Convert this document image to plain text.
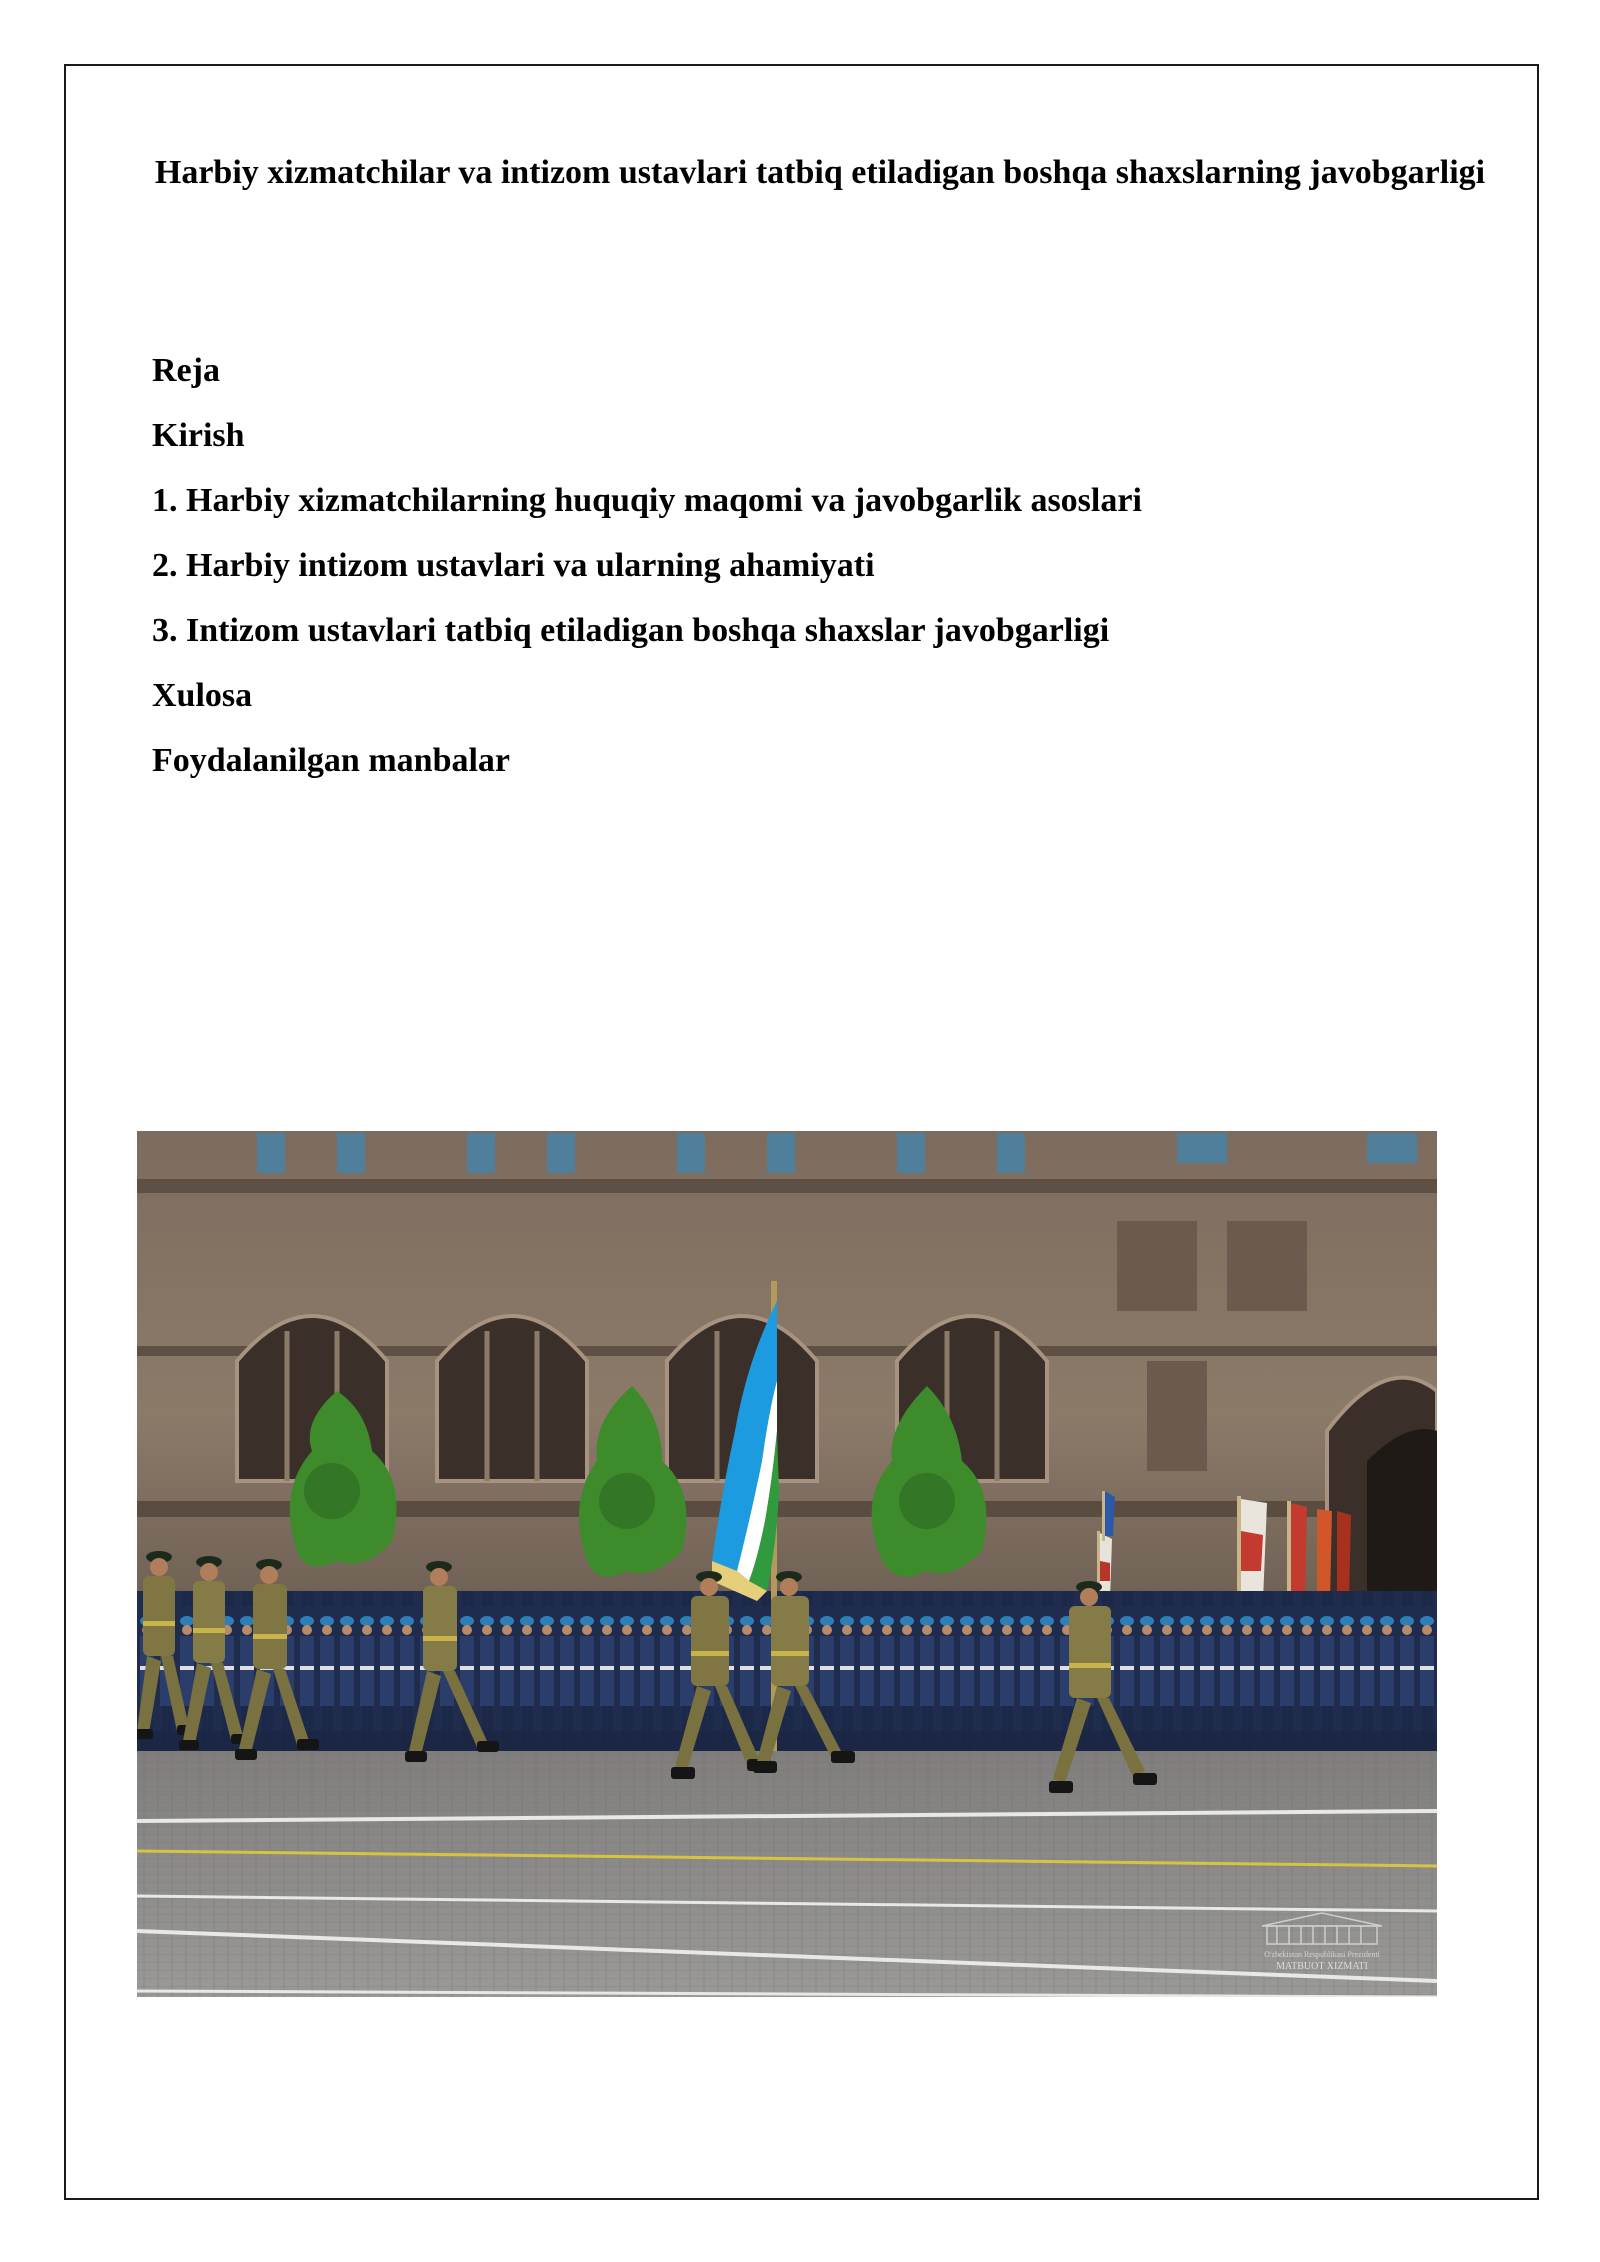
Harbiy xizmatchilar va intizom ustavlari tatbiq etiladigan boshqa shaxslarning javobgarligi
Reja
Kirish
1. Harbiy xizmatchilarning huquqiy maqomi va javobgarlik asoslari
2. Harbiy intizom ustavlari va ularning ahamiyati
3. Intizom ustavlari tatbiq etiladigan boshqa shaxslar javobgarligi
Xulosa
Foydalanilgan manbalar
O'zbekiston Respublikasi Prezidenti
MATBUOT XIZMATI
